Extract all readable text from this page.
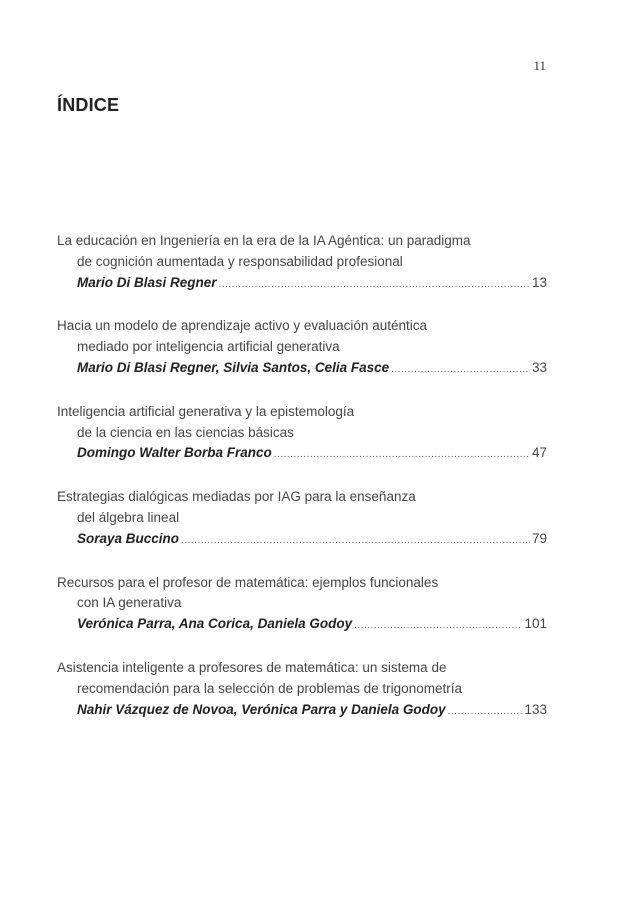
11
ÍNDICE
La educación en Ingeniería en la era de la IA Agéntica: un paradigma
de cognición aumentada y responsabilidad profesional
Mario Di Blasi Regner .....	13
Hacia un modelo de aprendizaje activo y evaluación auténtica
mediado por inteligencia artificial generativa
Mario Di Blasi Regner, Silvia Santos, Celia Fasce .....	33
Inteligencia artificial generativa y la epistemología
de la ciencia en las ciencias básicas
Domingo Walter Borba Franco .....	47
Estrategias dialógicas mediadas por IAG para la enseñanza
del álgebra lineal
Soraya Buccino .....	79
Recursos para el profesor de matemática: ejemplos funcionales
con IA generativa
Verónica Parra, Ana Corica, Daniela Godoy .....	101
Asistencia inteligente a profesores de matemática: un sistema de
recomendación para la selección de problemas de trigonometría
Nahir Vázquez de Novoa, Verónica Parra y Daniela Godoy .....	133
